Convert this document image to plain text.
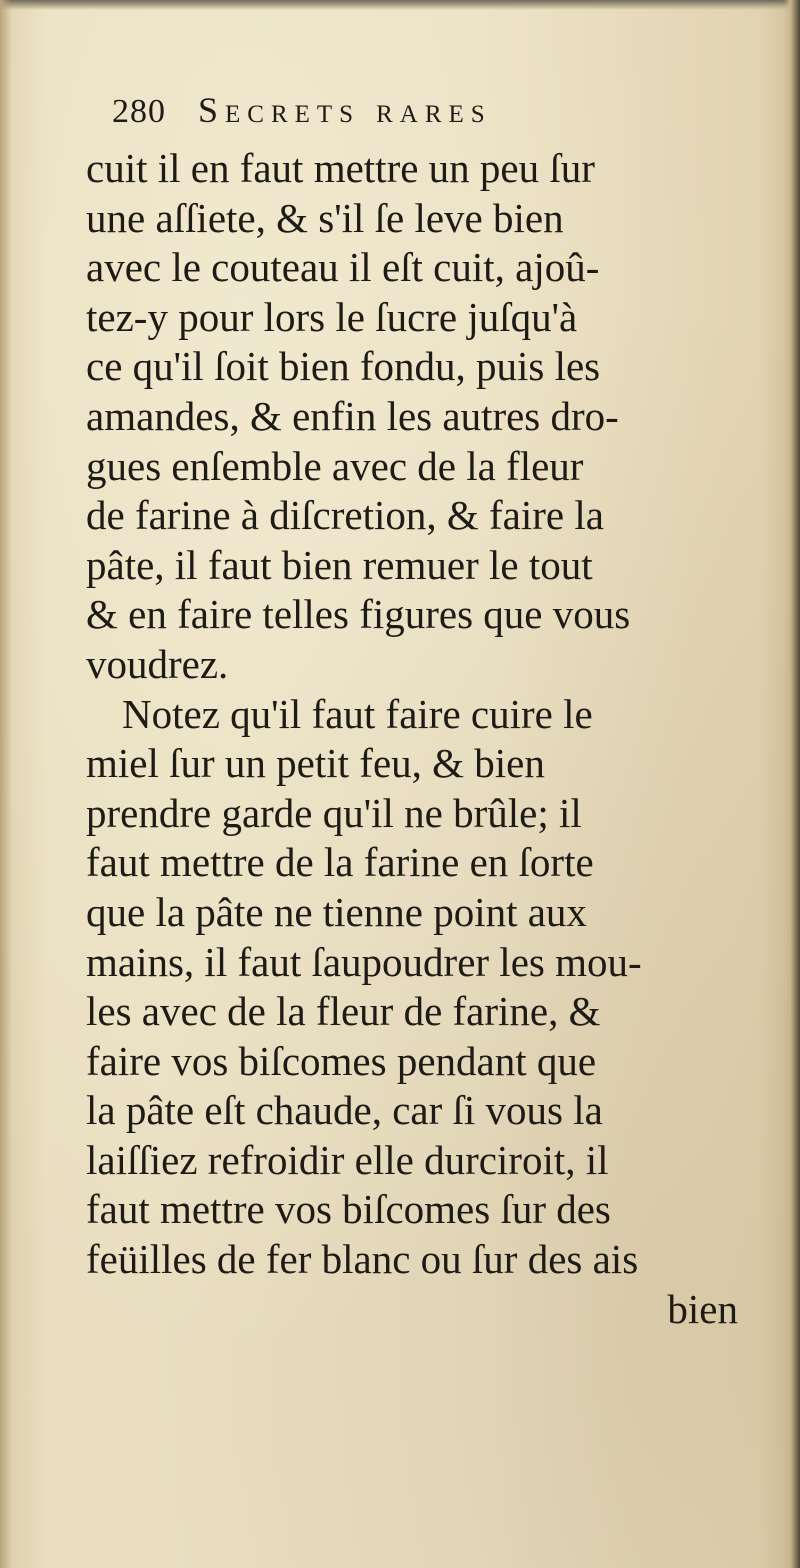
280 Secrets rares
cuit il en faut mettre un peu ſur
une aſſiete, & s'il ſe leve bien
avec le couteau il eſt cuit, ajoû-
tez-y pour lors le ſucre juſqu'à
ce qu'il ſoit bien fondu, puis les
amandes, & enfin les autres dro-
gues enſemble avec de la fleur
de farine à diſcretion, & faire la
pâte, il faut bien remuer le tout
& en faire telles figures que vous
voudrez.
Notez qu'il faut faire cuire le
miel ſur un petit feu, & bien
prendre garde qu'il ne brûle; il
faut mettre de la farine en ſorte
que la pâte ne tienne point aux
mains, il faut ſaupoudrer les mou-
les avec de la fleur de farine, &
faire vos biſcomes pendant que
la pâte eſt chaude, car ſi vous la
laiſſiez refroidir elle durciroit, il
faut mettre vos biſcomes ſur des
feüilles de fer blanc ou ſur des ais
bien
